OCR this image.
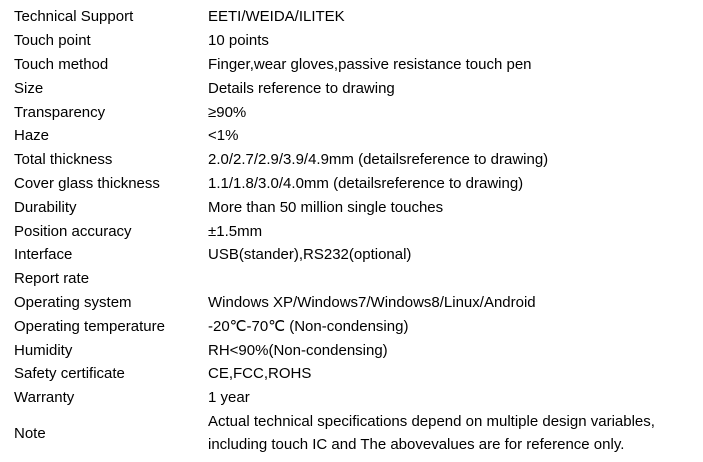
Technical Support	EETI/WEIDA/ILITEK
Touch point	10 points
Touch method	Finger,wear gloves,passive resistance touch pen
Size	Details reference to drawing
Transparency	≥90%
Haze	<1%
Total thickness	2.0/2.7/2.9/3.9/4.9mm (detailsreference to drawing)
Cover glass thickness	1.1/1.8/3.0/4.0mm (detailsreference to drawing)
Durability	More than 50 million single touches
Position accuracy	±1.5mm
Interface	USB(stander),RS232(optional)
Report rate	
Operating system	Windows XP/Windows7/Windows8/Linux/Android
Operating temperature	-20℃-70℃ (Non-condensing)
Humidity	RH<90%(Non-condensing)
Safety certificate	CE,FCC,ROHS
Warranty	1 year
Note	Actual technical specifications depend on multiple design variables,
including touch IC and The abovevalues are for reference only.
